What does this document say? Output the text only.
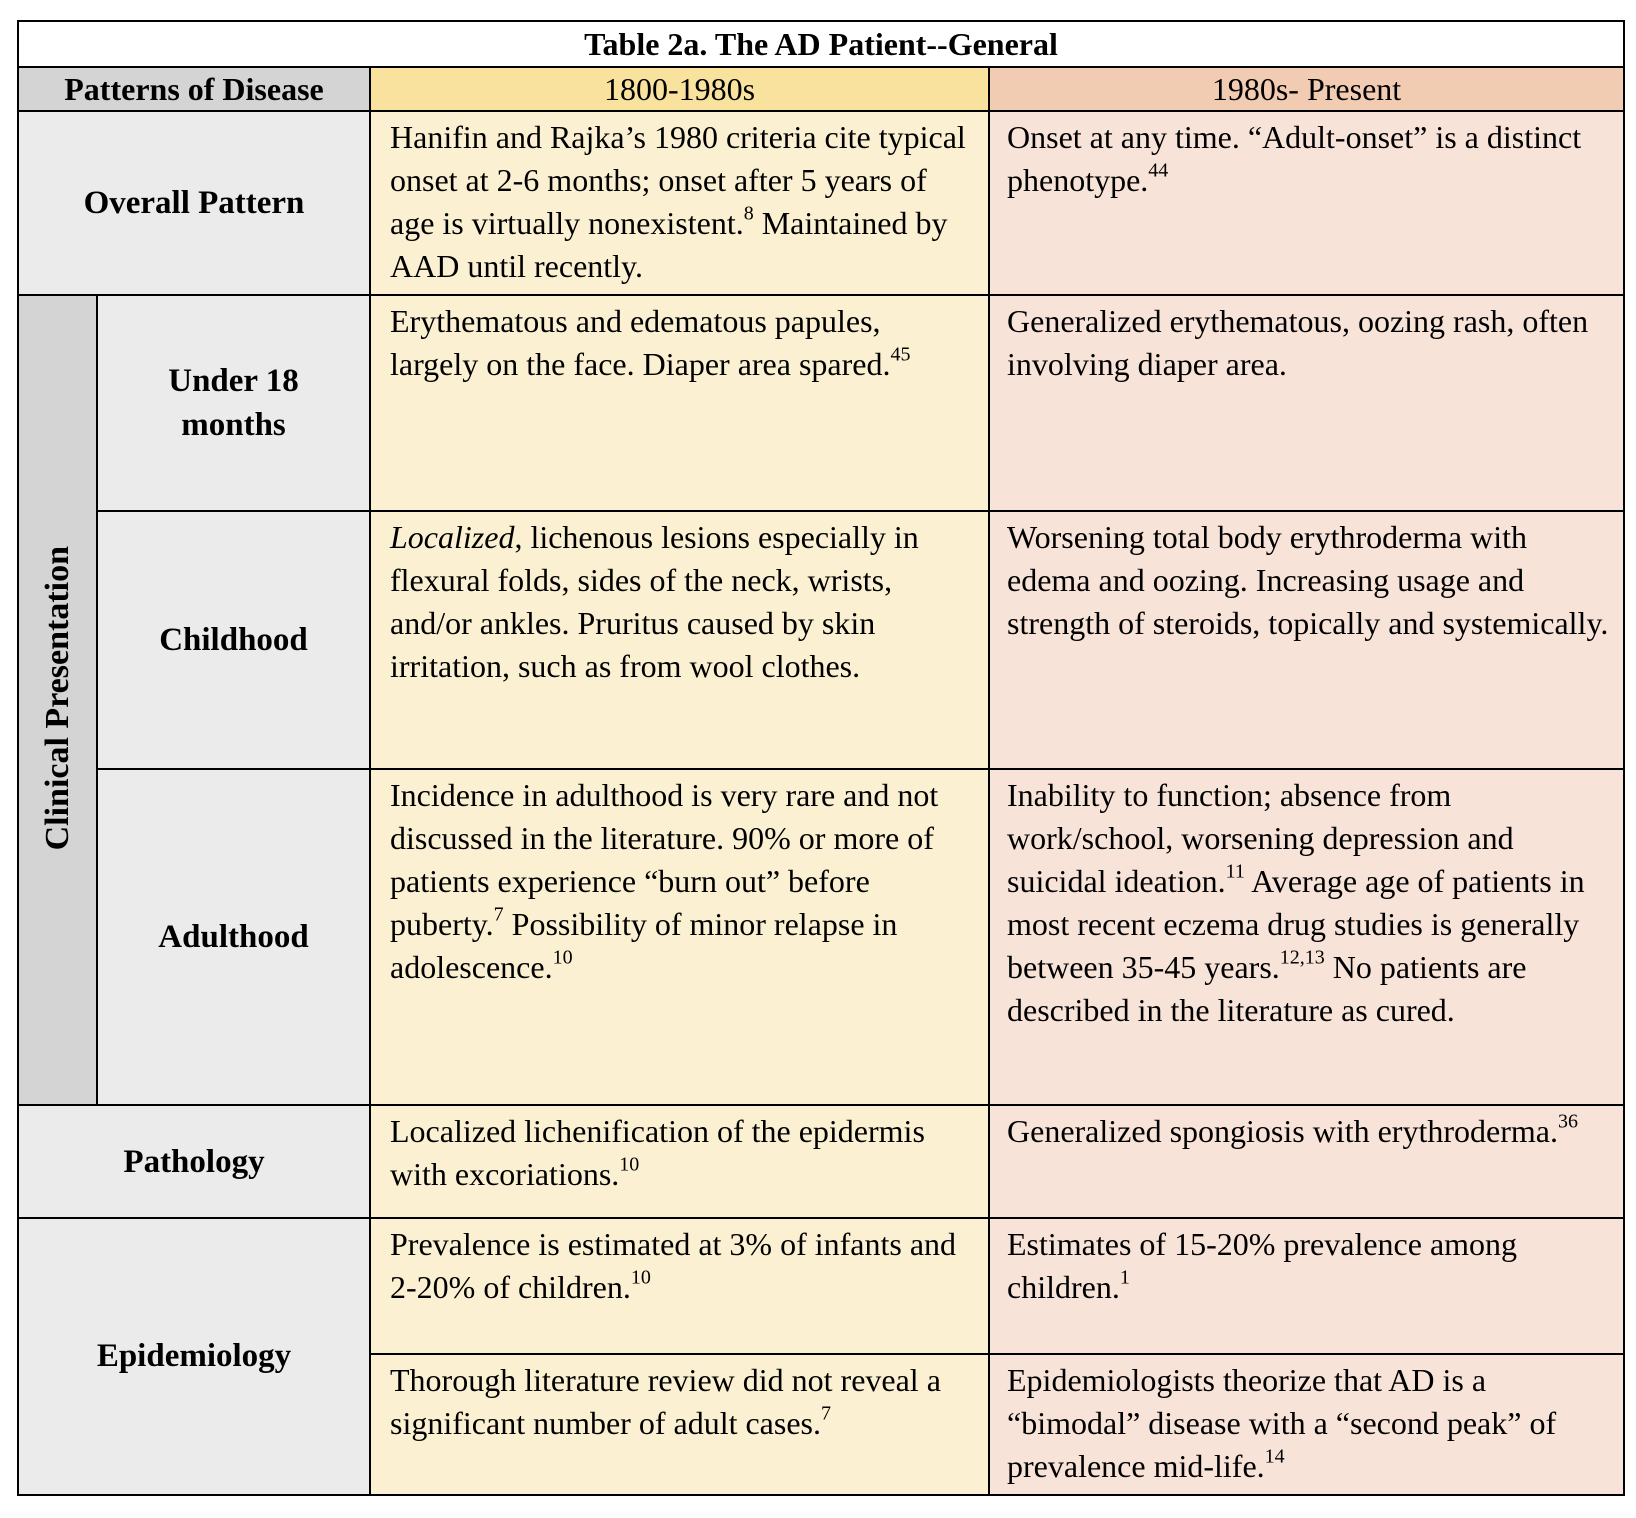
Table 2a. The AD Patient--General			
Patterns of Disease		1800-1980s	1980s- Present
Overall Pattern		Hanifin and Rajka’s 1980 criteria cite typical onset at 2-6 months; onset after 5 years of age is virtually nonexistent.$^8$ Maintained by AAD until recently.	Onset at any time. “Adult-onset” is a distinct phenotype.$^{44}$
Clinical Presentation	Under 18 months	Erythematous and edematous papules, largely on the face. Diaper area spared.$^{45}$	Generalized erythematous, oozing rash, often involving diaper area.
	Childhood	Localized, lichenous lesions especially in flexural folds, sides of the neck, wrists, and/or ankles. Pruritus caused by skin irritation, such as from wool clothes.	Worsening total body erythroderma with edema and oozing. Increasing usage and strength of steroids, topically and systemically.
	Adulthood	Incidence in adulthood is very rare and not discussed in the literature. 90% or more of patients experience “burn out” before puberty.$^7$ Possibility of minor relapse in adolescence.$^{10}$	Inability to function; absence from work/school, worsening depression and suicidal ideation.$^{11}$ Average age of patients in most recent eczema drug studies is generally between 35-45 years.$^{12,13}$ No patients are described in the literature as cured.
Pathology		Localized lichenification of the epidermis with excoriations.$^{10}$	Generalized spongiosis with erythroderma.$^{36}$
Epidemiology		Prevalence is estimated at 3% of infants and 2-20% of children.$^{10}$	Estimates of 15-20% prevalence among children.$^1$
		Thorough literature review did not reveal a significant number of adult cases.$^7$	Epidemiologists theorize that AD is a “bimodal” disease with a “second peak” of prevalence mid-life.$^{14}$
